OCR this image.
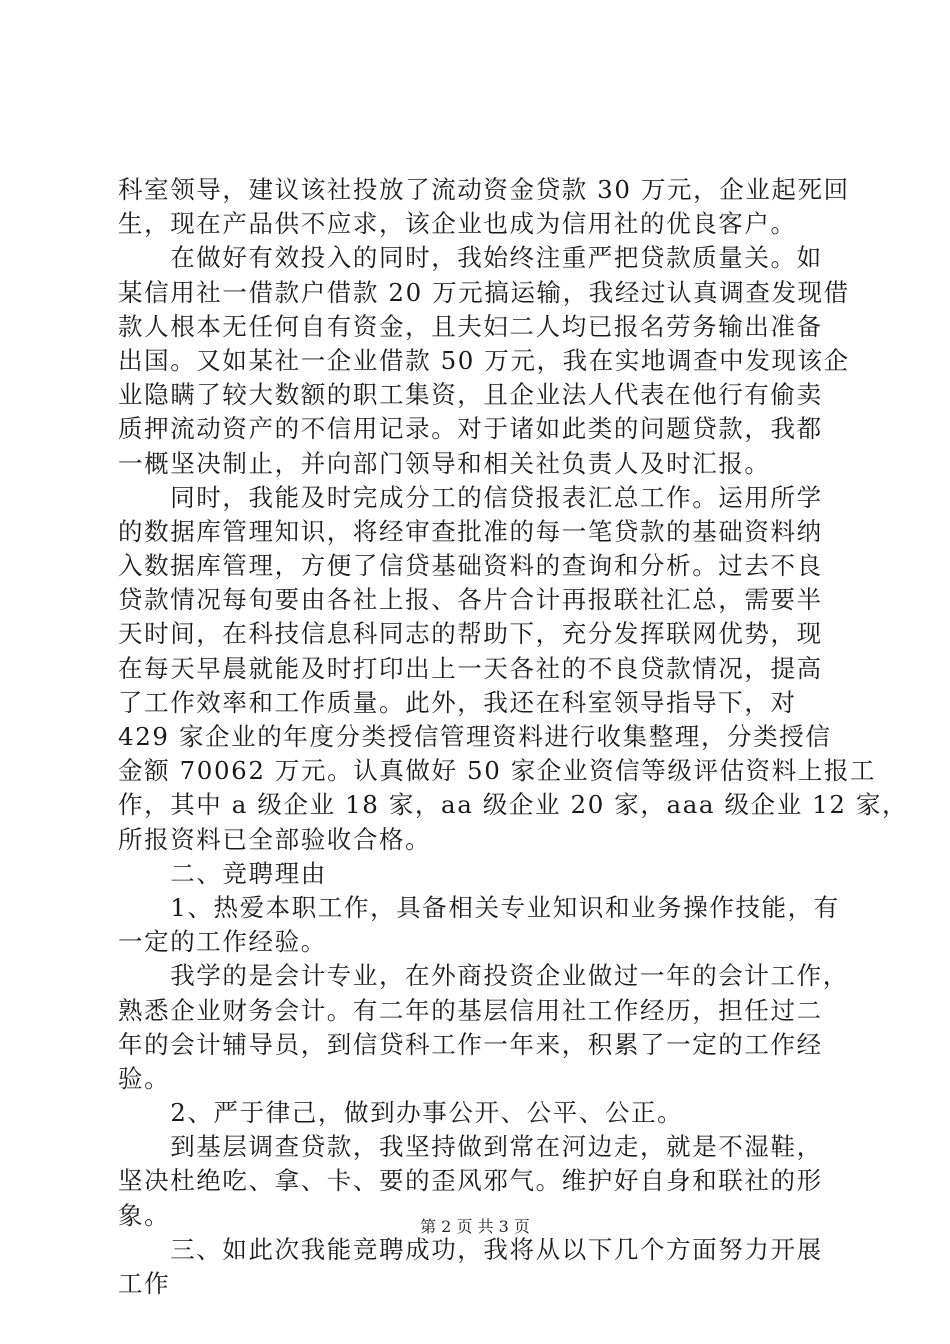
科室领导，建议该社投放了流动资金贷款 30 万元，企业起死回
生，现在产品供不应求，该企业也成为信用社的优良客户。
　　在做好有效投入的同时，我始终注重严把贷款质量关。如
某信用社一借款户借款 20 万元搞运输，我经过认真调查发现借
款人根本无任何自有资金，且夫妇二人均已报名劳务输出准备
出国。又如某社一企业借款 50 万元，我在实地调查中发现该企
业隐瞒了较大数额的职工集资，且企业法人代表在他行有偷卖
质押流动资产的不信用记录。对于诸如此类的问题贷款，我都
一概坚决制止，并向部门领导和相关社负责人及时汇报。
　　同时，我能及时完成分工的信贷报表汇总工作。运用所学
的数据库管理知识，将经审查批准的每一笔贷款的基础资料纳
入数据库管理，方便了信贷基础资料的查询和分析。过去不良
贷款情况每旬要由各社上报、各片合计再报联社汇总，需要半
天时间，在科技信息科同志的帮助下，充分发挥联网优势，现
在每天早晨就能及时打印出上一天各社的不良贷款情况，提高
了工作效率和工作质量。此外，我还在科室领导指导下，对
429 家企业的年度分类授信管理资料进行收集整理，分类授信
金额 70062 万元。认真做好 50 家企业资信等级评估资料上报工
作，其中 a 级企业 18 家，aa 级企业 20 家，aaa 级企业 12 家，
所报资料已全部验收合格。
　　二、竞聘理由
　　1、热爱本职工作，具备相关专业知识和业务操作技能，有
一定的工作经验。
　　我学的是会计专业，在外商投资企业做过一年的会计工作，
熟悉企业财务会计。有二年的基层信用社工作经历，担任过二
年的会计辅导员，到信贷科工作一年来，积累了一定的工作经
验。
　　2、严于律己，做到办事公开、公平、公正。
　　到基层调查贷款，我坚持做到常在河边走，就是不湿鞋，
坚决杜绝吃、拿、卡、要的歪风邪气。维护好自身和联社的形
象。
　　三、如此次我能竞聘成功，我将从以下几个方面努力开展
工作
第 2 页 共 3 页
